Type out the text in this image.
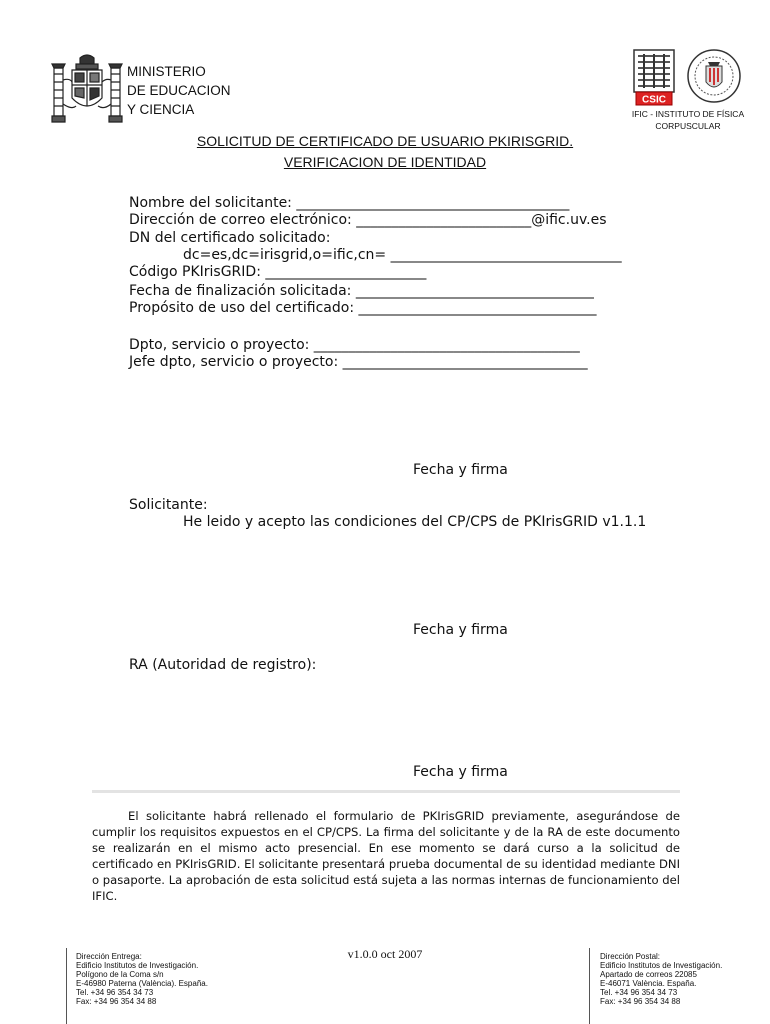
MINISTERIO
DE EDUCACION
Y CIENCIA
CSIC
IFIC - INSTITUTO DE FÍSICA
CORPUSCULAR
SOLICITUD DE CERTIFICADO DE USUARIO PKIRISGRID.
VERIFICACION DE IDENTIDAD
Nombre del solicitante: _______________________________________
Dirección de correo electrónico: _________________________@ific.uv.es
DN del certificado solicitado:
dc=es,dc=irisgrid,o=ific,cn= _________________________________
Código PKIrisGRID: _______________________
Fecha de finalización solicitada: __________________________________
Propósito de uso del certificado: __________________________________
Dpto, servicio o proyecto: ______________________________________
Jefe dpto, servicio o proyecto: ___________________________________
Fecha y firma
Solicitante:
He leido y acepto las condiciones del CP/CPS de PKIrisGRID v1.1.1
Fecha y firma
RA (Autoridad de registro):
Fecha y firma
El solicitante habrá rellenado el formulario de PKIrisGRID previamente, asegurándose de cumplir los requisitos expuestos en el CP/CPS. La firma del solicitante y de la RA de este documento se realizarán en el mismo acto presencial. En ese momento se dará curso a la solicitud de certificado en PKIrisGRID. El solicitante presentará prueba documental de su identidad mediante DNI o pasaporte. La aprobación de esta solicitud está sujeta a las normas internas de funcionamiento del IFIC.
Dirección Entrega:
Edificio Institutos de Investigación.
Polígono de la Coma s/n
E-46980 Paterna (València). España.
Tel. +34 96 354 34 73
Fax: +34 96 354 34 88
v1.0.0 oct 2007	Dirección Postal:
Edificio Institutos de Investigación.
Apartado de correos 22085
E-46071 València. España.
Tel. +34 96 354 34 73
Fax: +34 96 354 34 88
